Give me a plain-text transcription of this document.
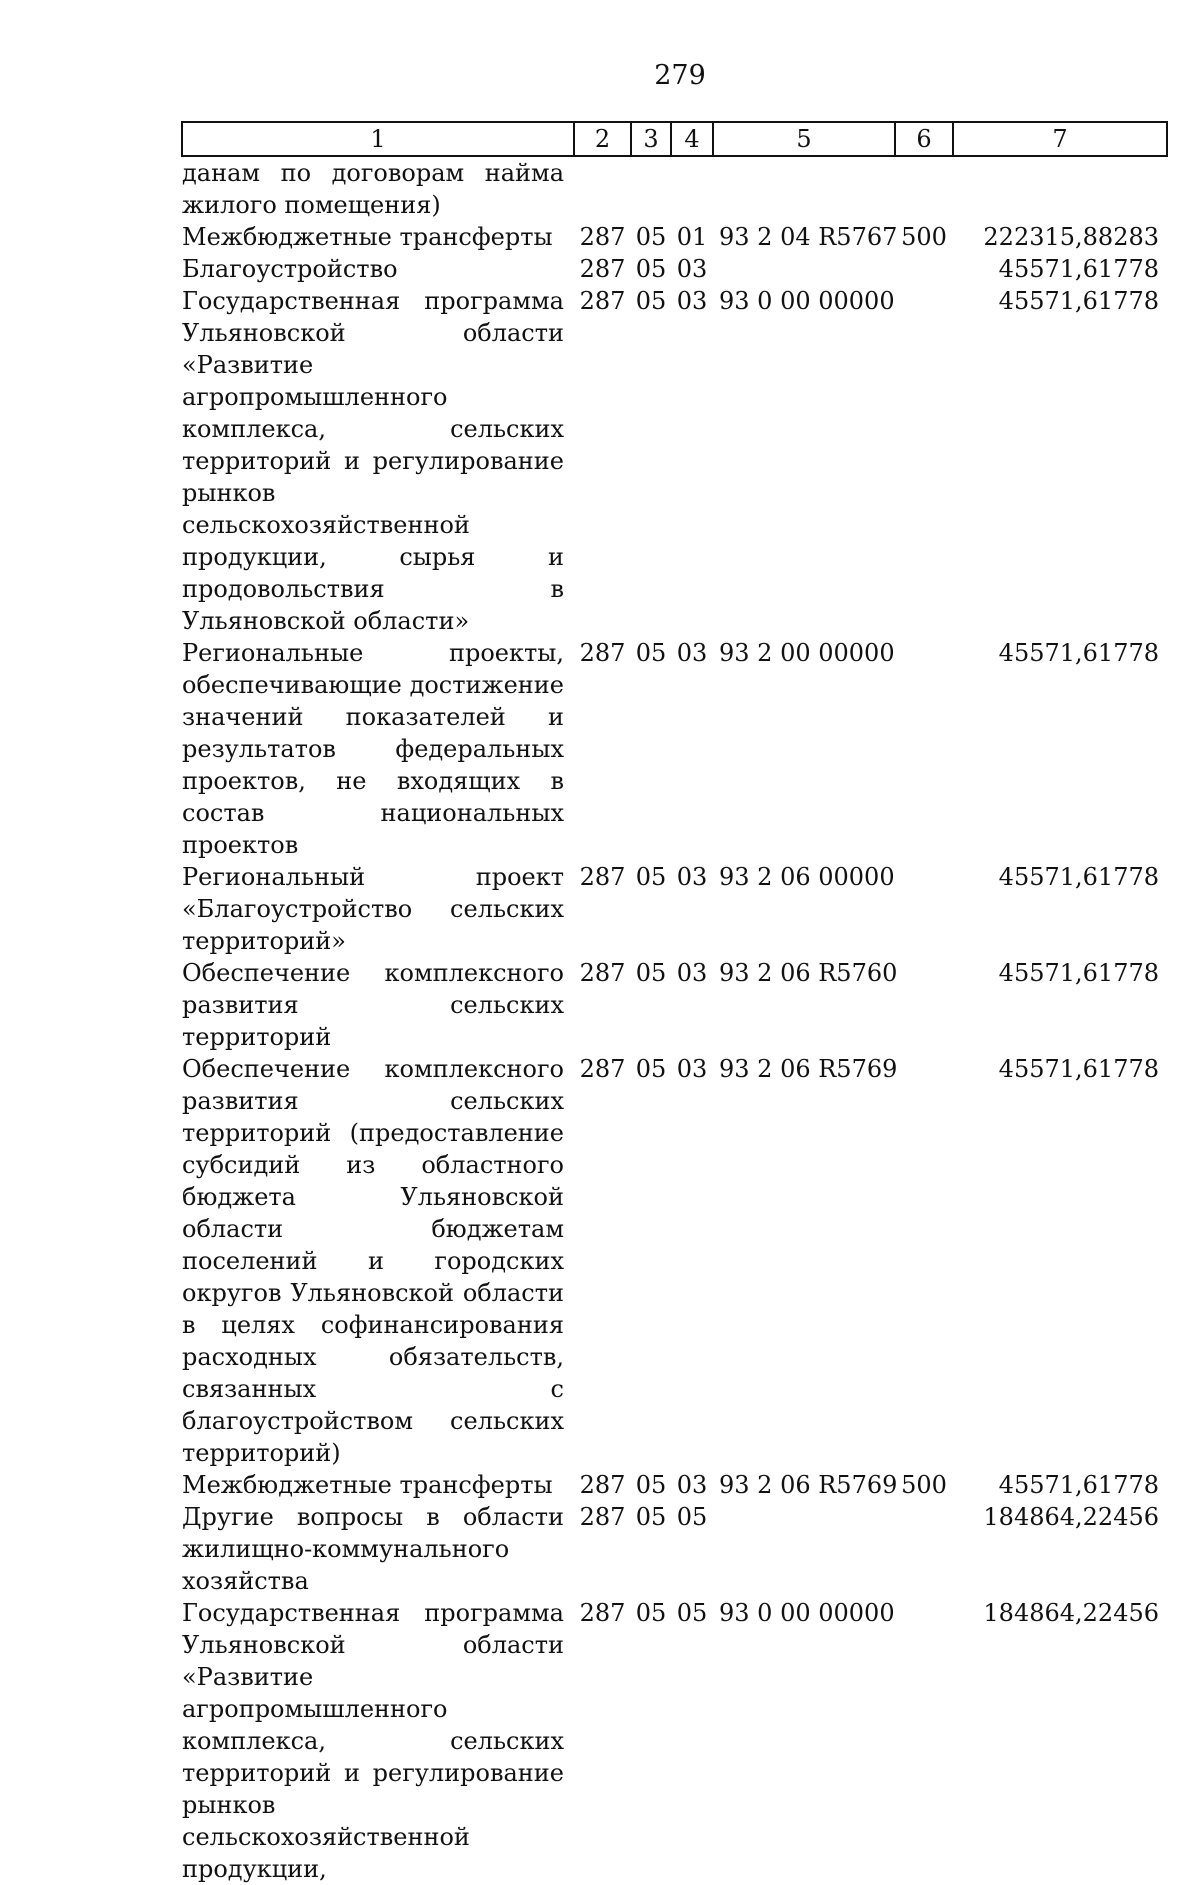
279
1	2	3	4	5	6	7
данам по договорам найма жилого помещения)						
Межбюджетные трансферты	287	05	01	93 2 04 R5767	500	222315,88283
Благоустройство	287	05	03			45571,61778
Государственная программа Ульяновской области «Развитие агропромышленного комплекса, сельских территорий и регулирование рынков сельскохозяйственной продукции, сырья и продовольствия в Ульяновской области»	287	05	03	93 0 00 00000		45571,61778
Региональные проекты, обеспечивающие достижение значений показателей и результатов федеральных проектов, не входящих в состав национальных проектов	287	05	03	93 2 00 00000		45571,61778
Региональный проект «Благоустройство сельских территорий»	287	05	03	93 2 06 00000		45571,61778
Обеспечение комплексного развития сельских территорий	287	05	03	93 2 06 R5760		45571,61778
Обеспечение комплексного развития сельских территорий (предоставление субсидий из областного бюджета Ульяновской области бюджетам поселений и городских округов Ульяновской области в целях софинансирования расходных обязательств, связанных с благоустройством сельских территорий)	287	05	03	93 2 06 R5769		45571,61778
Межбюджетные трансферты	287	05	03	93 2 06 R5769	500	45571,61778
Другие вопросы в области жилищно-коммунального хозяйства	287	05	05			184864,22456
Государственная программа Ульяновской области «Развитие агропромышленного комплекса, сельских территорий и регулирование рынков сельскохозяйственной продукции,	287	05	05	93 0 00 00000		184864,22456
